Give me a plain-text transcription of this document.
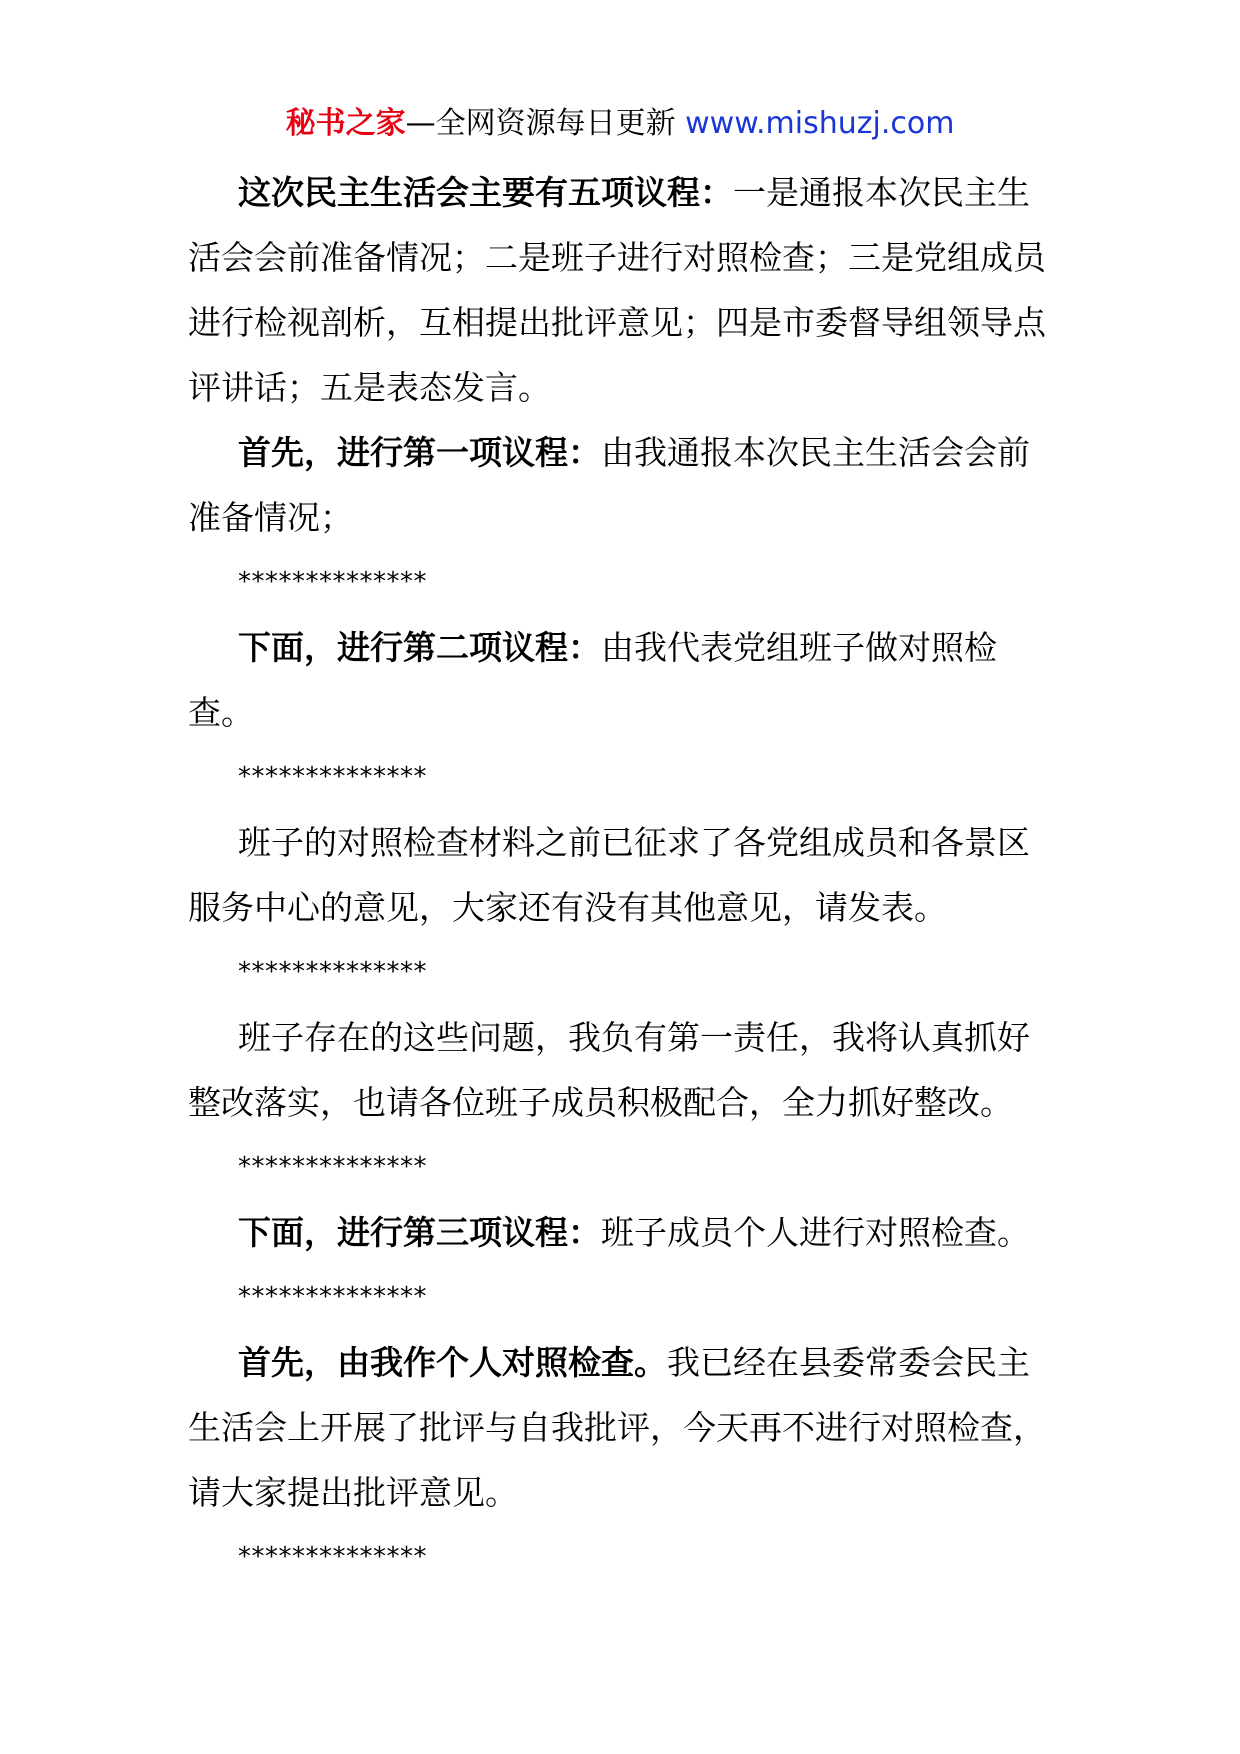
秘书之家—全网资源每日更新 www.mishuzj.com

这次民主生活会主要有五项议程：一是通报本次民主生活会会前准备情况；二是班子进行对照检查；三是党组成员进行检视剖析，互相提出批评意见；四是市委督导组领导点评讲话；五是表态发言。

首先，进行第一项议程：由我通报本次民主生活会会前准备情况；

**************

下面，进行第二项议程：由我代表党组班子做对照检查。

**************

班子的对照检查材料之前已征求了各党组成员和各景区服务中心的意见，大家还有没有其他意见，请发表。

**************

班子存在的这些问题，我负有第一责任，我将认真抓好整改落实，也请各位班子成员积极配合，全力抓好整改。

**************

下面，进行第三项议程：班子成员个人进行对照检查。

**************

首先，由我作个人对照检查。我已经在县委常委会民主生活会上开展了批评与自我批评，今天再不进行对照检查，请大家提出批评意见。

**************
